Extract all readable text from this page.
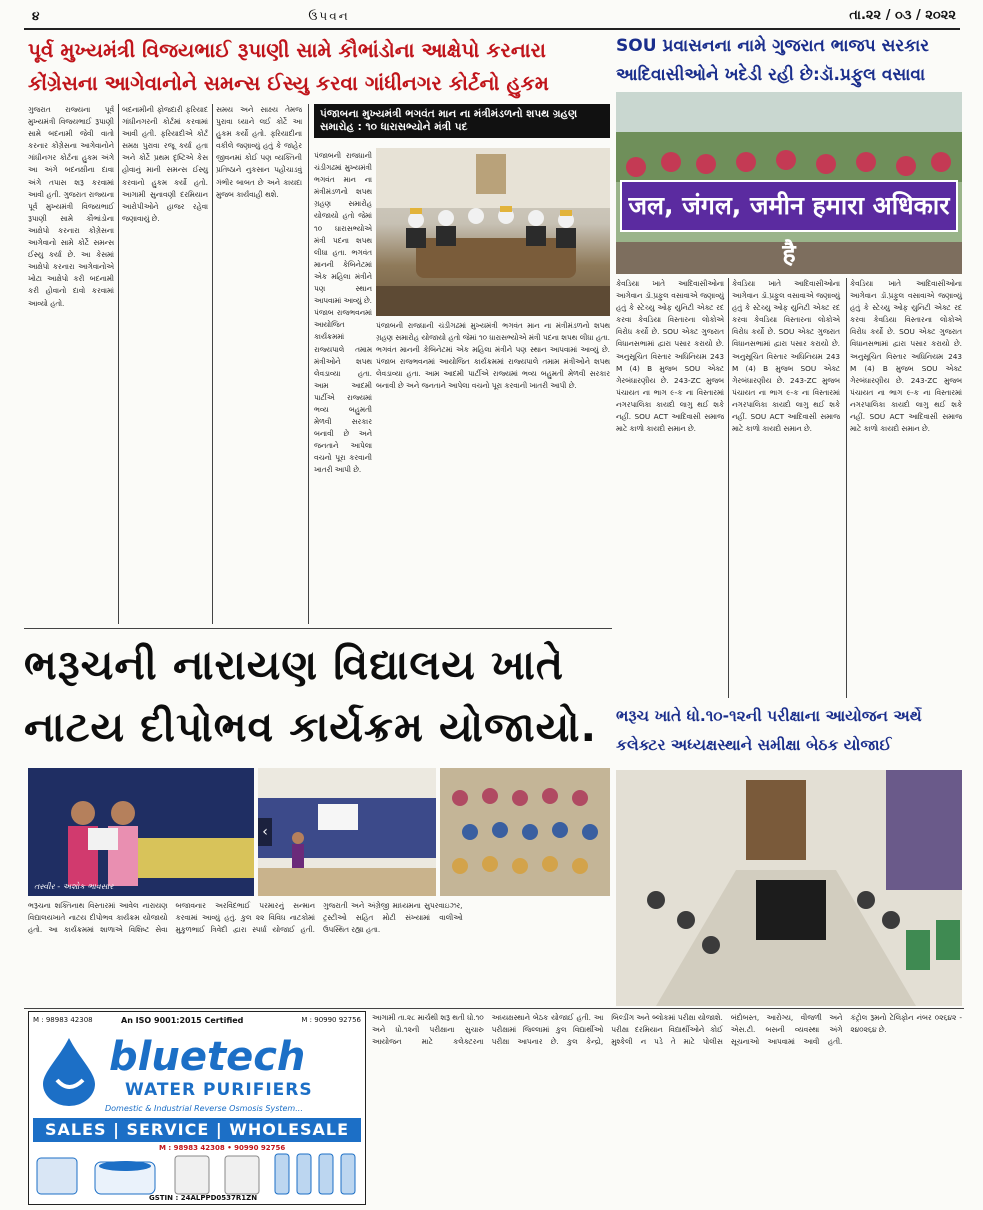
૪	ઉપવન	તા.૨૨ / ૦૩ / ૨૦૨૨
પૂર્વ મુખ્યમંત્રી વિજયભાઈ રૂપાણી સામે કૌભાંડોના આક્ષેપો કરનારા કોંગ્રેસના આગેવાનોને સમન્સ ઈસ્યુ કરવા ગાંધીનગર કોર્ટનો હુકમ
ગુજરાત રાજ્યના પૂર્વ મુખ્યમંત્રી વિજયભાઈ રૂપાણી સામે બદનામી જેવી વાતો કરનાર કોંગ્રેસના આગેવાનોને ગાંધીનગર કોર્ટના હુકમ અંગે આ અંગે બદનક્ષીના દાવા અંગે તપાસ શરૂ કરવામાં આવી હતી. ગુજરાત રાજ્યના પૂર્વ મુખ્યમંત્રી વિજયભાઈ રૂપાણી સામે કૌભાંડોના આક્ષેપો કરનારા કોંગ્રેસના આગેવાનો સામે કોર્ટે સમન્સ ઈસ્યુ કર્યા છે. આ કેસમાં આક્ષેપો કરનારા આગેવાનોએ ખોટા આક્ષેપો કરી બદનામી કરી હોવાનો દાવો કરવામાં આવ્યો હતો.
બદનામીની ફોજદારી ફરિયાદ ગાંધીનગરની કોર્ટમાં કરવામાં આવી હતી. ફરિયાદીએ કોર્ટ સમક્ષ પુરાવા રજૂ કર્યા હતા અને કોર્ટે પ્રથમ દૃષ્ટિએ કેસ હોવાનું માની સમન્સ ઈસ્યુ કરવાનો હુકમ કર્યો હતો. આગામી સુનાવણી દરમિયાન આરોપીઓને હાજર રહેવા જણાવાયું છે.
સમય અને સાક્ષ્ય તેમજ પુરાવા ધ્યાને લઈ કોર્ટે આ હુકમ કર્યો હતો. ફરિયાદીના વકીલે જણાવ્યું હતું કે જાહેર જીવનમાં કોઈ પણ વ્યક્તિની પ્રતિષ્ઠાને નુકસાન પહોંચાડવું ગંભીર બાબત છે અને કાયદા મુજબ કાર્યવાહી થશે.
પંજાબના મુખ્યમંત્રી ભગવંત માન ના મંત્રીમંડળનો શપથ ગ્રહણ સમારોહ : ૧૦ ધારાસભ્યોને મંત્રી પદ
પંજાબની રાજધાની ચંડીગઢમાં મુખ્યમંત્રી ભગવંત માન ના મંત્રીમંડળનો શપથ ગ્રહણ સમારોહ યોજાયો હતો જેમાં ૧૦ ધારાસભ્યોએ મંત્રી પદના શપથ લીધા હતા. ભગવંત માનની કેબિનેટમાં એક મહિલા મંત્રીને પણ સ્થાન આપવામાં આવ્યું છે. પંજાબ રાજભવનમાં આયોજિત કાર્યક્રમમાં રાજ્યપાલે તમામ મંત્રીઓને શપથ લેવડાવ્યા હતા. આમ આદમી પાર્ટીએ રાજ્યમાં ભવ્ય બહુમતી મેળવી સરકાર બનાવી છે અને જનતાને આપેલા વચનો પૂરા કરવાની ખાતરી આપી છે.
પંજાબની રાજધાની ચંડીગઢમાં મુખ્યમંત્રી ભગવંત માન ના મંત્રીમંડળનો શપથ ગ્રહણ સમારોહ યોજાયો હતો જેમાં ૧૦ ધારાસભ્યોએ મંત્રી પદના શપથ લીધા હતા. ભગવંત માનની કેબિનેટમાં એક મહિલા મંત્રીને પણ સ્થાન આપવામાં આવ્યું છે. પંજાબ રાજભવનમાં આયોજિત કાર્યક્રમમાં રાજ્યપાલે તમામ મંત્રીઓને શપથ લેવડાવ્યા હતા. આમ આદમી પાર્ટીએ રાજ્યમાં ભવ્ય બહુમતી મેળવી સરકાર બનાવી છે અને જનતાને આપેલા વચનો પૂરા કરવાની ખાતરી આપી છે.
SOU પ્રવાસનના નામે ગુજરાત ભાજપ સરકાર આદિવાસીઓને ખદેડી રહી છે:ડૉ.પ્રફુલ વસાવા
जल, जंगल, जमीन हमारा अधिकार है
કેવડિયા ખાતે આદિવાસીઓના આગેવાન ડૉ.પ્રફુલ વસાવાએ જણાવ્યું હતું કે સ્ટેચ્યુ ઓફ યુનિટી એક્ટ રદ કરવા કેવડિયા વિસ્તારના લોકોએ વિરોધ કર્યો છે. SOU એક્ટ ગુજરાત વિધાનસભામાં દ્વારા પસાર કરાયો છે. અનુસૂચિત વિસ્તાર અધિનિયમ 243 M (4) B મુજબ SOU એક્ટ ગેરબંધારણીય છે. 243-ZC મુજબ પંચાયત ના ભાગ ૯-ક ના વિસ્તારમાં નગરપાલિકા કાયદો લાગુ થઈ શકે નહીં. SOU ACT આદિવાસી સમાજ માટે કાળો કાયદો સમાન છે.
કેવડિયા ખાતે આદિવાસીઓના આગેવાન ડૉ.પ્રફુલ વસાવાએ જણાવ્યું હતું કે સ્ટેચ્યુ ઓફ યુનિટી એક્ટ રદ કરવા કેવડિયા વિસ્તારના લોકોએ વિરોધ કર્યો છે. SOU એક્ટ ગુજરાત વિધાનસભામાં દ્વારા પસાર કરાયો છે. અનુસૂચિત વિસ્તાર અધિનિયમ 243 M (4) B મુજબ SOU એક્ટ ગેરબંધારણીય છે. 243-ZC મુજબ પંચાયત ના ભાગ ૯-ક ના વિસ્તારમાં નગરપાલિકા કાયદો લાગુ થઈ શકે નહીં. SOU ACT આદિવાસી સમાજ માટે કાળો કાયદો સમાન છે.
કેવડિયા ખાતે આદિવાસીઓના આગેવાન ડૉ.પ્રફુલ વસાવાએ જણાવ્યું હતું કે સ્ટેચ્યુ ઓફ યુનિટી એક્ટ રદ કરવા કેવડિયા વિસ્તારના લોકોએ વિરોધ કર્યો છે. SOU એક્ટ ગુજરાત વિધાનસભામાં દ્વારા પસાર કરાયો છે. અનુસૂચિત વિસ્તાર અધિનિયમ 243 M (4) B મુજબ SOU એક્ટ ગેરબંધારણીય છે. 243-ZC મુજબ પંચાયત ના ભાગ ૯-ક ના વિસ્તારમાં નગરપાલિકા કાયદો લાગુ થઈ શકે નહીં. SOU ACT આદિવાસી સમાજ માટે કાળો કાયદો સમાન છે.
ભરૂચની નારાયણ વિદ્યાલય ખાતે નાટય દીપોભવ કાર્યક્રમ યોજાયો.
તસ્વીર - અશોક ભાવસાર
‹
ભરૂચના શક્તિનાથ વિસ્તારમાં આવેલ નારાયણ વિદ્યાલયખાતે નાટય દીપોભવ કાર્યક્રમ યોજાયો હતો. આ કાર્યક્રમમાં શાળાએ વિશિષ્ટ સેવા બજાવનાર અરવિંદભાઈ પરમારનું સન્માન કરવામાં આવ્યું હતું. કુલ ૨૨ વિવિધ નાટકોમાં મુકુળભાઈ ત્રિવેદી દ્વારા સ્પર્ધા યોજાઈ હતી. ગુજરાતી અને અંગ્રેજી માધ્યમના સુપરવાઇઝર, ટ્રસ્ટીઓ સહિત મોટી સંખ્યામાં વાલીઓ ઉપસ્થિત રહ્યા હતા.
ભરૂચ ખાતે ધો.૧૦-૧૨ની પરીક્ષાના આયોજન અર્થે કલેક્ટર અધ્યક્ષસ્થાને સમીક્ષા બેઠક યોજાઈ
M : 98983 42308	An ISO 9001:2015 Certified	M : 90990 92756
bluetech
WATER PURIFIERS
Domestic & Industrial Reverse Osmosis System...
SALES | SERVICE | WHOLESALE
M : 98983 42308 • 90990 92756
GSTIN : 24ALPPD0537R1ZN
આગામી તા.૨૮ માર્ચથી શરૂ થતી ધો.૧૦ અને ધો.૧૨ની પરીક્ષાના સુચારુ આયોજન માટે કલેક્ટરના અધ્યક્ષસ્થાને બેઠક યોજાઈ હતી. આ પરીક્ષામાં જિલ્લામાં કુલ વિદ્યાર્થીઓ પરીક્ષા આપનાર છે. કુલ કેન્દ્રો, બિલ્ડીંગ અને બ્લોકમાં પરીક્ષા યોજાશે. પરીક્ષા દરમિયાન વિદ્યાર્થીઓને કોઈ મુશ્કેલી ન પડે તે માટે પોલીસ બંદોબસ્ત, આરોગ્ય, વીજળી અને એસ.ટી. બસની વ્યવસ્થા અંગે સૂચનાઓ આપવામાં આવી હતી. કંટ્રોલ રૂમનો ટેલિફોન નંબર ૦૨૬૪૨ - ૨૪૦૨૬૪ છે.
